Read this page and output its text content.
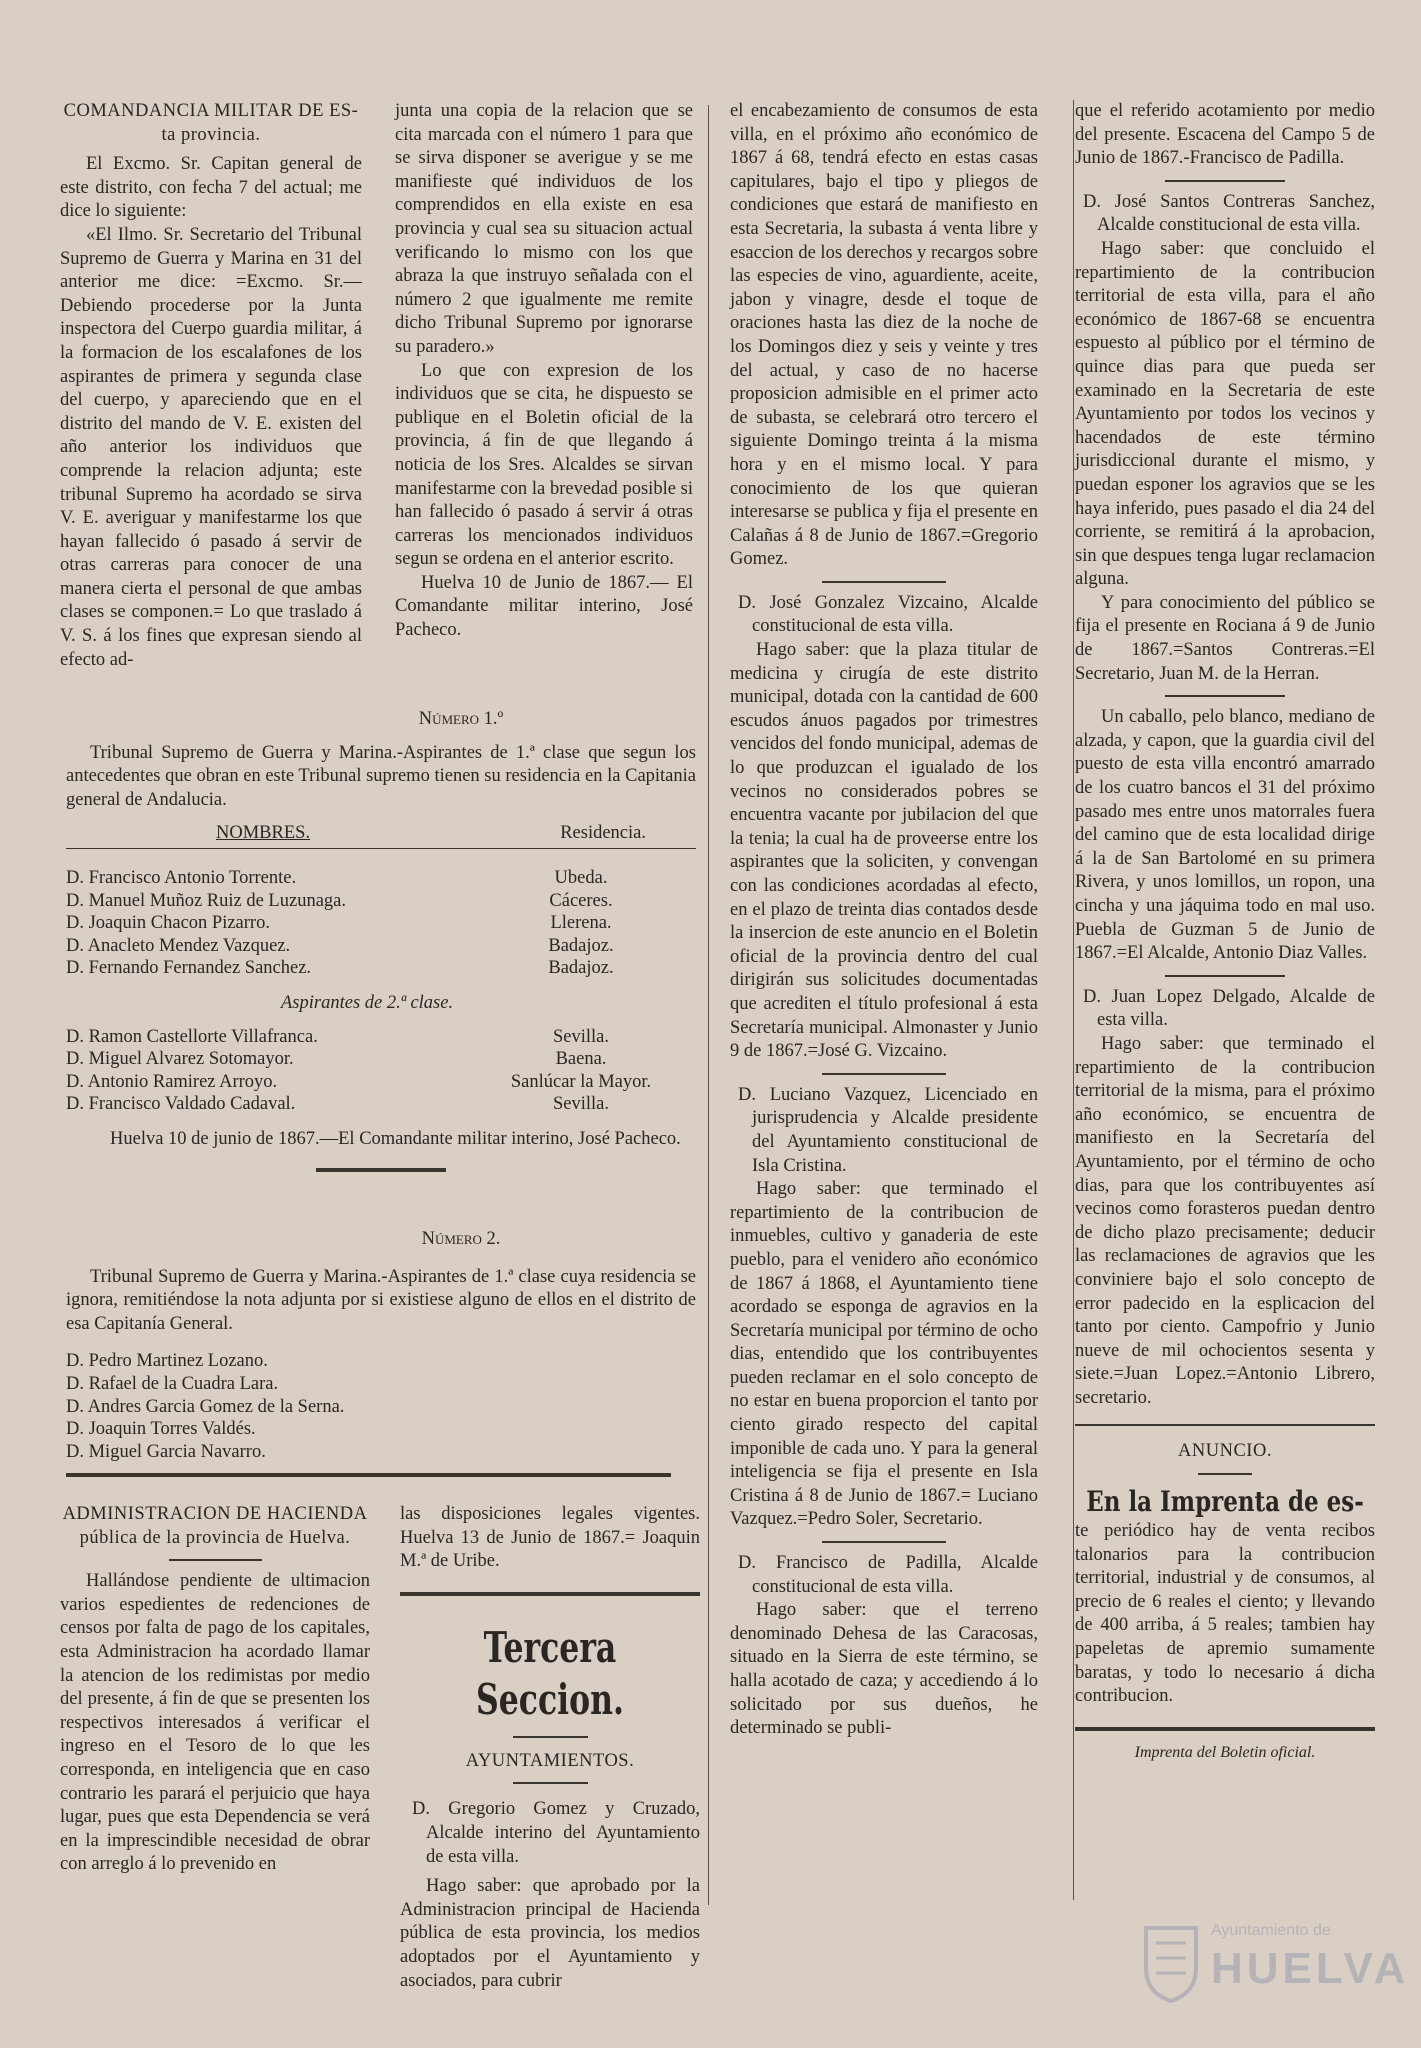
COMANDANCIA MILITAR DE ES-

ta provincia.

El Excmo. Sr. Capitan general de este distrito, con fecha 7 del actual; me dice lo siguiente:

«El Ilmo. Sr. Secretario del Tribunal Supremo de Guerra y Marina en 31 del anterior me dice: =Excmo. Sr.—Debiendo procederse por la Junta inspectora del Cuerpo guardia militar, á la formacion de los escalafones de los aspirantes de primera y segunda clase del cuerpo, y apareciendo que en el distrito del mando de V. E. existen del año anterior los individuos que comprende la relacion adjunta; este tribunal Supremo ha acordado se sirva V. E. averiguar y manifestarme los que hayan fallecido ó pasado á servir de otras carreras para conocer de una manera cierta el personal de que ambas clases se componen.= Lo que traslado á V. S. á los fines que expresan siendo al efecto ad-

junta una copia de la relacion que se cita marcada con el número 1 para que se sirva disponer se averigue y se me manifieste qué individuos de los comprendidos en ella existe en esa provincia y cual sea su situacion actual verificando lo mismo con los que abraza la que instruyo señalada con el número 2 que igualmente me remite dicho Tribunal Supremo por ignorarse su paradero.»

Lo que con expresion de los individuos que se cita, he dispuesto se publique en el Boletin oficial de la provincia, á fin de que llegando á noticia de los Sres. Alcaldes se sirvan manifestarme con la brevedad posible si han fallecido ó pasado á servir á otras carreras los mencionados individuos segun se ordena en el anterior escrito.

Huelva 10 de Junio de 1867.— El Comandante militar interino, José Pacheco.

Número 1.º

Tribunal Supremo de Guerra y Marina.-Aspirantes de 1.ª clase que segun los antecedentes que obran en este Tribunal supremo tienen su residencia en la Capitania general de Andalucia.

NOMBRES.	Residencia.
D. Francisco Antonio Torrente.	Ubeda.
D. Manuel Muñoz Ruiz de Luzunaga.	Cáceres.
D. Joaquin Chacon Pizarro.	Llerena.
D. Anacleto Mendez Vazquez.	Badajoz.
D. Fernando Fernandez Sanchez.	Badajoz.

Aspirantes de 2.ª clase.

D. Ramon Castellorte Villafranca.	Sevilla.
D. Miguel Alvarez Sotomayor.	Baena.
D. Antonio Ramirez Arroyo.	Sanlúcar la Mayor.
D. Francisco Valdado Cadaval.	Sevilla.

Huelva 10 de junio de 1867.—El Comandante militar interino, José Pacheco.

Número 2.

Tribunal Supremo de Guerra y Marina.-Aspirantes de 1.ª clase cuya residencia se ignora, remitiéndose la nota adjunta por si existiese alguno de ellos en el distrito de esa Capitanía General.

D. Pedro Martinez Lozano.
D. Rafael de la Cuadra Lara.
D. Andres Garcia Gomez de la Serna.
D. Joaquin Torres Valdés.
D. Miguel Garcia Navarro.

ADMINISTRACION DE HACIENDA

pública de la provincia de Huelva.

Hallándose pendiente de ultimacion varios espedientes de redenciones de censos por falta de pago de los capitales, esta Administracion ha acordado llamar la atencion de los redimistas por medio del presente, á fin de que se presenten los respectivos interesados á verificar el ingreso en el Tesoro de lo que les corresponda, en inteligencia que en caso contrario les parará el perjuicio que haya lugar, pues que esta Dependencia se verá en la imprescindible necesidad de obrar con arreglo á lo prevenido en

las disposiciones legales vigentes. Huelva 13 de Junio de 1867.= Joaquin M.ª de Uribe.

Tercera Seccion.

AYUNTAMIENTOS.

D. Gregorio Gomez y Cruzado, Alcalde interino del Ayuntamiento de esta villa.

Hago saber: que aprobado por la Administracion principal de Hacienda pública de esta provincia, los medios adoptados por el Ayuntamiento y asociados, para cubrir

el encabezamiento de consumos de esta villa, en el próximo año económico de 1867 á 68, tendrá efecto en estas casas capitulares, bajo el tipo y pliegos de condiciones que estará de manifiesto en esta Secretaria, la subasta á venta libre y esaccion de los derechos y recargos sobre las especies de vino, aguardiente, aceite, jabon y vinagre, desde el toque de oraciones hasta las diez de la noche de los Domingos diez y seis y veinte y tres del actual, y caso de no hacerse proposicion admisible en el primer acto de subasta, se celebrará otro tercero el siguiente Domingo treinta á la misma hora y en el mismo local. Y para conocimiento de los que quieran interesarse se publica y fija el presente en Calañas á 8 de Junio de 1867.=Gregorio Gomez.

D. José Gonzalez Vizcaino, Alcalde constitucional de esta villa.

Hago saber: que la plaza titular de medicina y cirugía de este distrito municipal, dotada con la cantidad de 600 escudos ánuos pagados por trimestres vencidos del fondo municipal, ademas de lo que produzcan el igualado de los vecinos no considerados pobres se encuentra vacante por jubilacion del que la tenia; la cual ha de proveerse entre los aspirantes que la soliciten, y convengan con las condiciones acordadas al efecto, en el plazo de treinta dias contados desde la insercion de este anuncio en el Boletin oficial de la provincia dentro del cual dirigirán sus solicitudes documentadas que acrediten el título profesional á esta Secretaría municipal. Almonaster y Junio 9 de 1867.=José G. Vizcaino.

D. Luciano Vazquez, Licenciado en jurisprudencia y Alcalde presidente del Ayuntamiento constitucional de Isla Cristina.

Hago saber: que terminado el repartimiento de la contribucion de inmuebles, cultivo y ganaderia de este pueblo, para el venidero año económico de 1867 á 1868, el Ayuntamiento tiene acordado se esponga de agravios en la Secretaría municipal por término de ocho dias, entendido que los contribuyentes pueden reclamar en el solo concepto de no estar en buena proporcion el tanto por ciento girado respecto del capital imponible de cada uno. Y para la general inteligencia se fija el presente en Isla Cristina á 8 de Junio de 1867.= Luciano Vazquez.=Pedro Soler, Secretario.

D. Francisco de Padilla, Alcalde constitucional de esta villa.

Hago saber: que el terreno denominado Dehesa de las Caracosas, situado en la Sierra de este término, se halla acotado de caza; y accediendo á lo solicitado por sus dueños, he determinado se publi-

que el referido acotamiento por medio del presente. Escacena del Campo 5 de Junio de 1867.-Francisco de Padilla.

D. José Santos Contreras Sanchez, Alcalde constitucional de esta villa.

Hago saber: que concluido el repartimiento de la contribucion territorial de esta villa, para el año económico de 1867-68 se encuentra espuesto al público por el término de quince dias para que pueda ser examinado en la Secretaria de este Ayuntamiento por todos los vecinos y hacendados de este término jurisdiccional durante el mismo, y puedan esponer los agravios que se les haya inferido, pues pasado el dia 24 del corriente, se remitirá á la aprobacion, sin que despues tenga lugar reclamacion alguna.

Y para conocimiento del público se fija el presente en Rociana á 9 de Junio de 1867.=Santos Contreras.=El Secretario, Juan M. de la Herran.

Un caballo, pelo blanco, mediano de alzada, y capon, que la guardia civil del puesto de esta villa encontró amarrado de los cuatro bancos el 31 del próximo pasado mes entre unos matorrales fuera del camino que de esta localidad dirige á la de San Bartolomé en su primera Rivera, y unos lomillos, un ropon, una cincha y una jáquima todo en mal uso. Puebla de Guzman 5 de Junio de 1867.=El Alcalde, Antonio Diaz Valles.

D. Juan Lopez Delgado, Alcalde de esta villa.

Hago saber: que terminado el repartimiento de la contribucion territorial de la misma, para el próximo año económico, se encuentra de manifiesto en la Secretaría del Ayuntamiento, por el término de ocho dias, para que los contribuyentes así vecinos como forasteros puedan dentro de dicho plazo precisamente; deducir las reclamaciones de agravios que les conviniere bajo el solo concepto de error padecido en la esplicacion del tanto por ciento. Campofrio y Junio nueve de mil ochocientos sesenta y siete.=Juan Lopez.=Antonio Librero, secretario.

ANUNCIO.

En la Imprenta de es-

te periódico hay de venta recibos talonarios para la contribucion territorial, industrial y de consumos, al precio de 6 reales el ciento; y llevando de 400 arriba, á 5 reales; tambien hay papeletas de apremio sumamente baratas, y todo lo necesario á dicha contribucion.

Imprenta del Boletin oficial.

Ayuntamiento de
HUELVA
